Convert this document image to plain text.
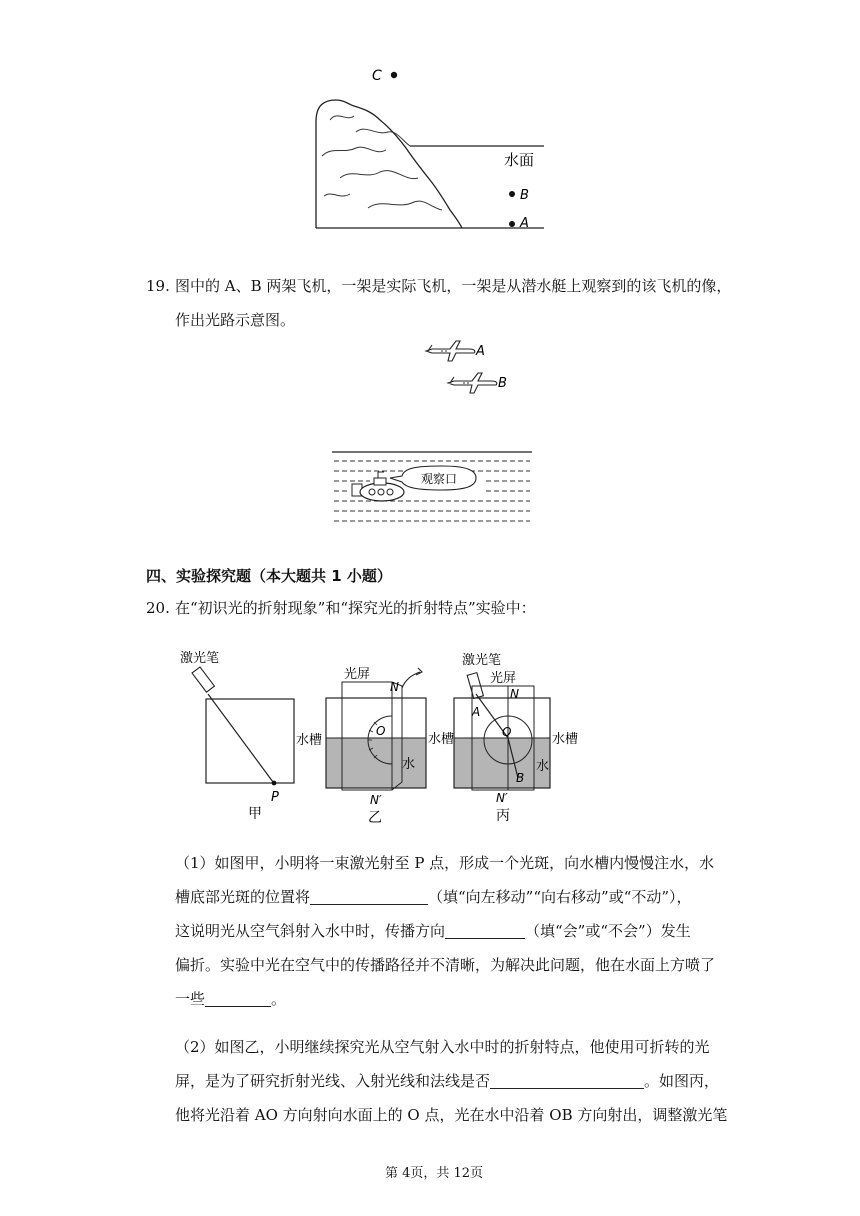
C
水面
B
A
19. 图中的 A、B 两架飞机，一架是实际飞机，一架是从潜水艇上观察到的该飞机的像，
作出光路示意图。
A
B
观察口
四、实验探究题（本大题共 1 小题）
20. 在“初识光的折射现象”和“探究光的折射特点”实验中：
激光笔
水槽
P
甲
光屏
N
O
水槽
水
N′
乙
激光笔
光屏
N
A
O	水槽
水
B
N′
丙
（1）如图甲，小明将一束激光射至 P 点，形成一个光斑，向水槽内慢慢注水，水
槽底部光斑的位置将	（填“向左移动”“向右移动”或“不动”），
这说明光从空气斜射入水中时，传播方向	（填“会”或“不会”）发生
偏折。实验中光在空气中的传播路径并不清晰，为解决此问题，他在水面上方喷了
一些	。
（2）如图乙，小明继续探究光从空气射入水中时的折射特点，他使用可折转的光
屏，是为了研究折射光线、入射光线和法线是否	。如图丙，
他将光沿着 AO 方向射向水面上的 O 点，光在水中沿着 OB 方向射出，调整激光笔
第 4页，共 12页
